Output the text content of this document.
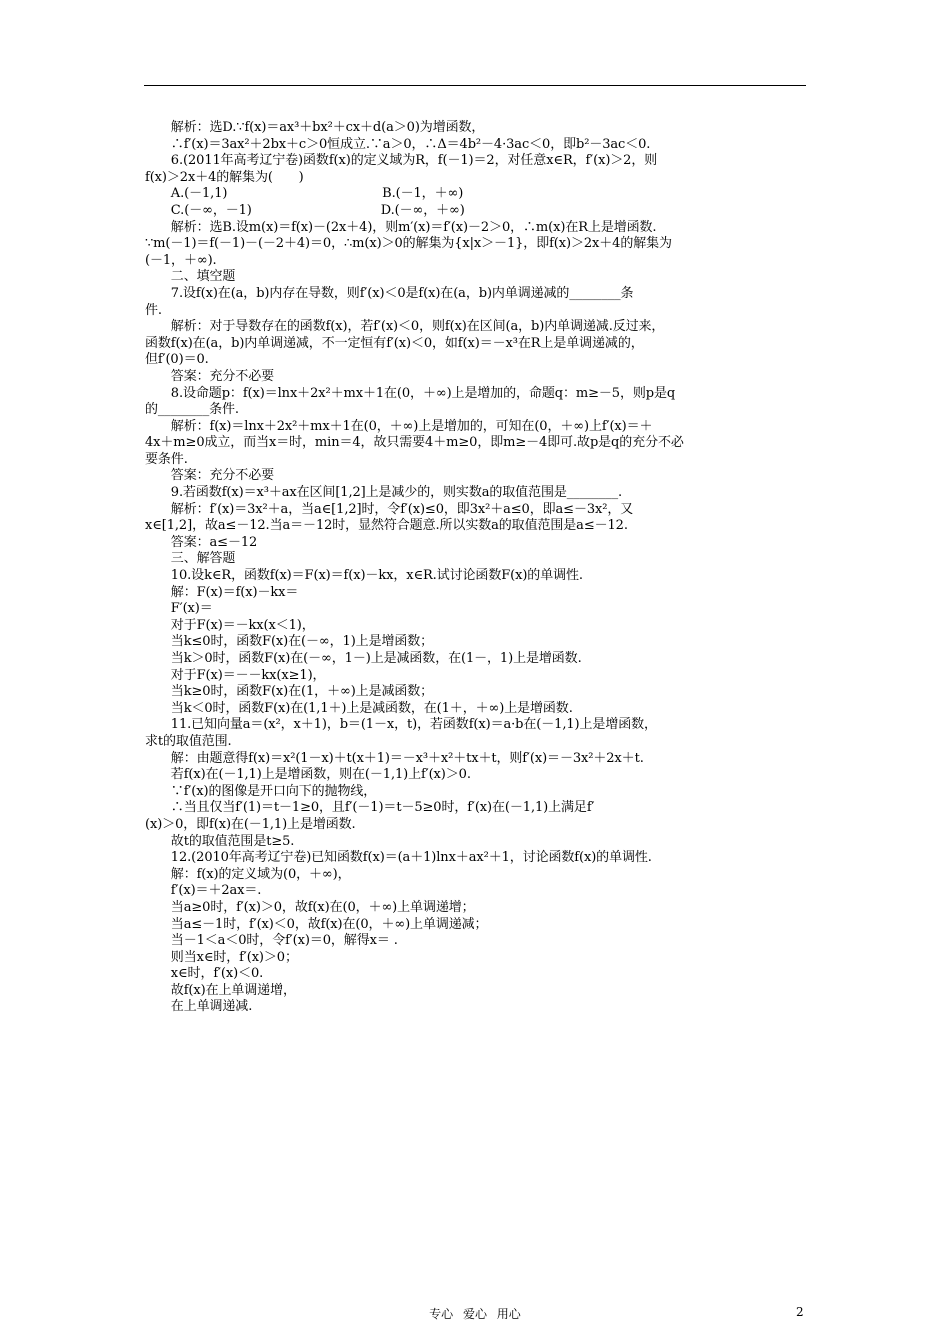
　　解析：选D.∵f(x)＝ax³＋bx²＋cx＋d(a＞0)为增函数，
　　∴f′(x)＝3ax²＋2bx＋c＞0恒成立.∵a＞0，∴Δ＝4b²－4·3ac＜0，即b²－3ac＜0.
　　6.(2011年高考辽宁卷)函数f(x)的定义域为R，f(－1)＝2，对任意x∈R，f′(x)＞2，则
f(x)＞2x＋4的解集为(　　)
　　A.(－1,1)　　　　　　　　　　　　B.(－1，＋∞)
　　C.(－∞，－1)　　　　　　　　　　D.(－∞，＋∞)
　　解析：选B.设m(x)＝f(x)－(2x＋4)，则m′(x)＝f′(x)－2＞0，∴m(x)在R上是增函数.
∵m(－1)＝f(－1)－(－2＋4)＝0，∴m(x)＞0的解集为{x|x＞－1}，即f(x)＞2x＋4的解集为
(－1，＋∞).
　　二、填空题
　　7.设f(x)在(a，b)内存在导数，则f′(x)＜0是f(x)在(a，b)内单调递减的________条
件.
　　解析：对于导数存在的函数f(x)，若f′(x)＜0，则f(x)在区间(a，b)内单调递减.反过来，
函数f(x)在(a，b)内单调递减，不一定恒有f′(x)＜0，如f(x)＝－x³在R上是单调递减的，
但f′(0)＝0.
　　答案：充分不必要
　　8.设命题p：f(x)＝lnx＋2x²＋mx＋1在(0，＋∞)上是增加的，命题q：m≥－5，则p是q
的________条件.
　　解析：f(x)＝lnx＋2x²＋mx＋1在(0，＋∞)上是增加的，可知在(0，＋∞)上f′(x)＝＋
4x＋m≥0成立，而当x＝时，min＝4，故只需要4＋m≥0，即m≥－4即可.故p是q的充分不必
要条件.
　　答案：充分不必要
　　9.若函数f(x)＝x³＋ax在区间[1,2]上是减少的，则实数a的取值范围是________.
　　解析：f′(x)＝3x²＋a，当a∈[1,2]时，令f′(x)≤0，即3x²＋a≤0，即a≤－3x²，又
x∈[1,2]，故a≤－12.当a＝－12时，显然符合题意.所以实数a的取值范围是a≤－12.
　　答案：a≤－12
　　三、解答题
　　10.设k∈R，函数f(x)＝F(x)＝f(x)－kx，x∈R.试讨论函数F(x)的单调性.
　　解：F(x)＝f(x)－kx＝
　　F′(x)＝
　　对于F(x)＝－kx(x＜1)，
　　当k≤0时，函数F(x)在(－∞，1)上是增函数；
　　当k＞0时，函数F(x)在(－∞，1－)上是减函数，在(1－，1)上是增函数.
　　对于F(x)＝－－kx(x≥1)，
　　当k≥0时，函数F(x)在(1，＋∞)上是减函数；
　　当k＜0时，函数F(x)在(1,1＋)上是减函数，在(1＋，＋∞)上是增函数.
　　11.已知向量a＝(x²，x＋1)，b＝(1－x，t)，若函数f(x)＝a·b在(－1,1)上是增函数，
求t的取值范围.
　　解：由题意得f(x)＝x²(1－x)＋t(x＋1)＝－x³＋x²＋tx＋t，则f′(x)＝－3x²＋2x＋t.
　　若f(x)在(－1,1)上是增函数，则在(－1,1)上f′(x)＞0.
　　∵f′(x)的图像是开口向下的抛物线，
　　∴当且仅当f′(1)＝t－1≥0，且f′(－1)＝t－5≥0时，f′(x)在(－1,1)上满足f′
(x)＞0，即f(x)在(－1,1)上是增函数.
　　故t的取值范围是t≥5.
　　12.(2010年高考辽宁卷)已知函数f(x)＝(a＋1)lnx＋ax²＋1，讨论函数f(x)的单调性.
　　解：f(x)的定义域为(0，＋∞)，
　　f′(x)＝＋2ax＝.
　　当a≥0时，f′(x)＞0，故f(x)在(0，＋∞)上单调递增；
　　当a≤－1时，f′(x)＜0，故f(x)在(0，＋∞)上单调递减；
　　当－1＜a＜0时，令f′(x)＝0，解得x＝ .
　　则当x∈时，f′(x)＞0；
　　x∈时，f′(x)＜0.
　　故f(x)在上单调递增，
　　在上单调递减.
专心 爱心 用心	2
